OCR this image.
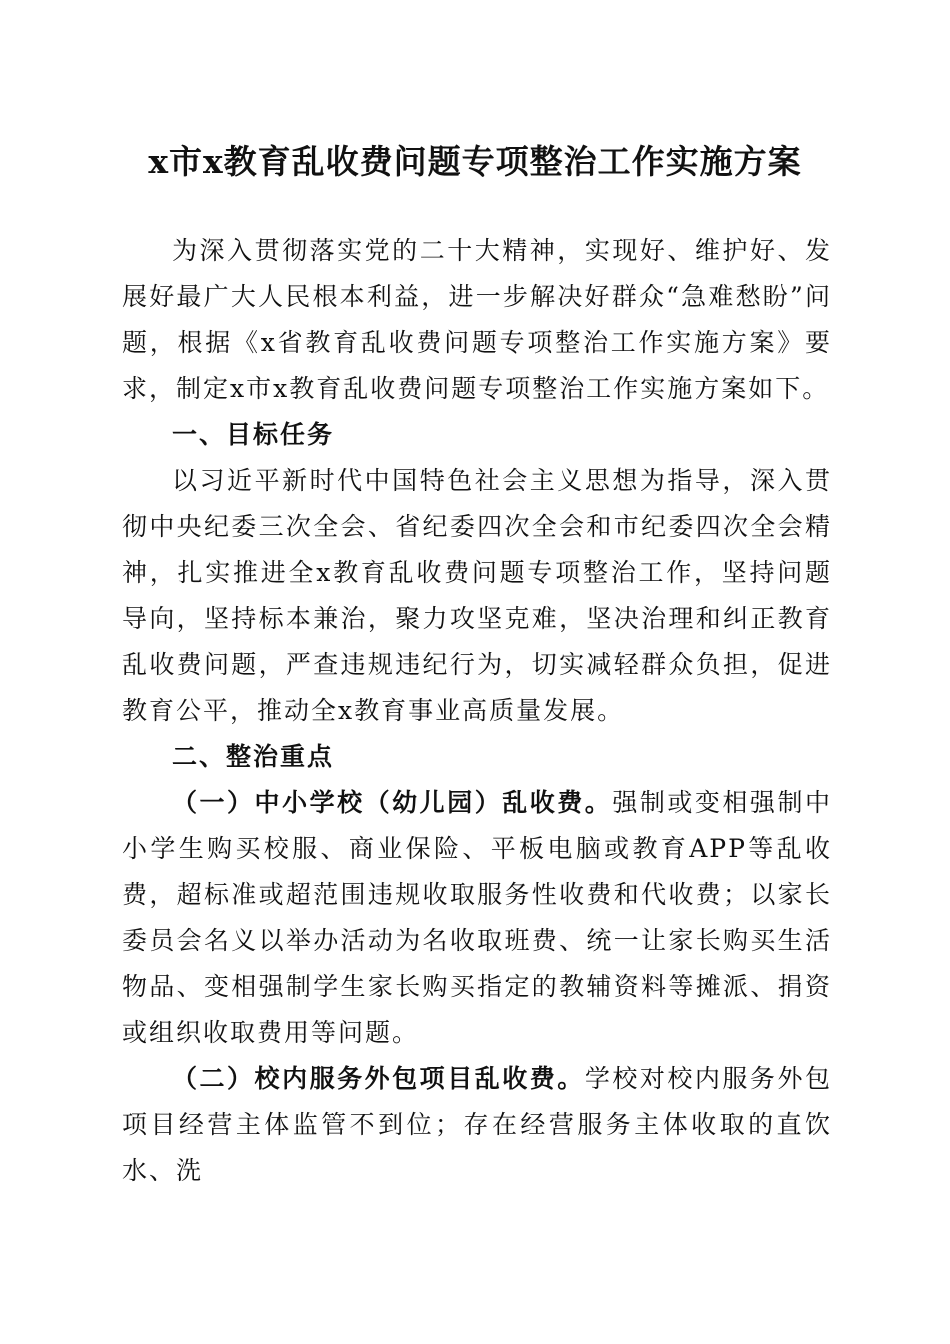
x市x教育乱收费问题专项整治工作实施方案

为深入贯彻落实党的二十大精神，实现好、维护好、发展好最广大人民根本利益，进一步解决好群众“急难愁盼”问题，根据《x省教育乱收费问题专项整治工作实施方案》要求，制定x市x教育乱收费问题专项整治工作实施方案如下。

一、目标任务

以习近平新时代中国特色社会主义思想为指导，深入贯彻中央纪委三次全会、省纪委四次全会和市纪委四次全会精神，扎实推进全x教育乱收费问题专项整治工作，坚持问题导向，坚持标本兼治，聚力攻坚克难，坚决治理和纠正教育乱收费问题，严查违规违纪行为，切实减轻群众负担，促进教育公平，推动全x教育事业高质量发展。

二、整治重点

（一）中小学校（幼儿园）乱收费。强制或变相强制中小学生购买校服、商业保险、平板电脑或教育APP等乱收费，超标准或超范围违规收取服务性收费和代收费；以家长委员会名义以举办活动为名收取班费、统一让家长购买生活物品、变相强制学生家长购买指定的教辅资料等摊派、捐资或组织收取费用等问题。

（二）校内服务外包项目乱收费。学校对校内服务外包项目经营主体监管不到位；存在经营服务主体收取的直饮水、洗
